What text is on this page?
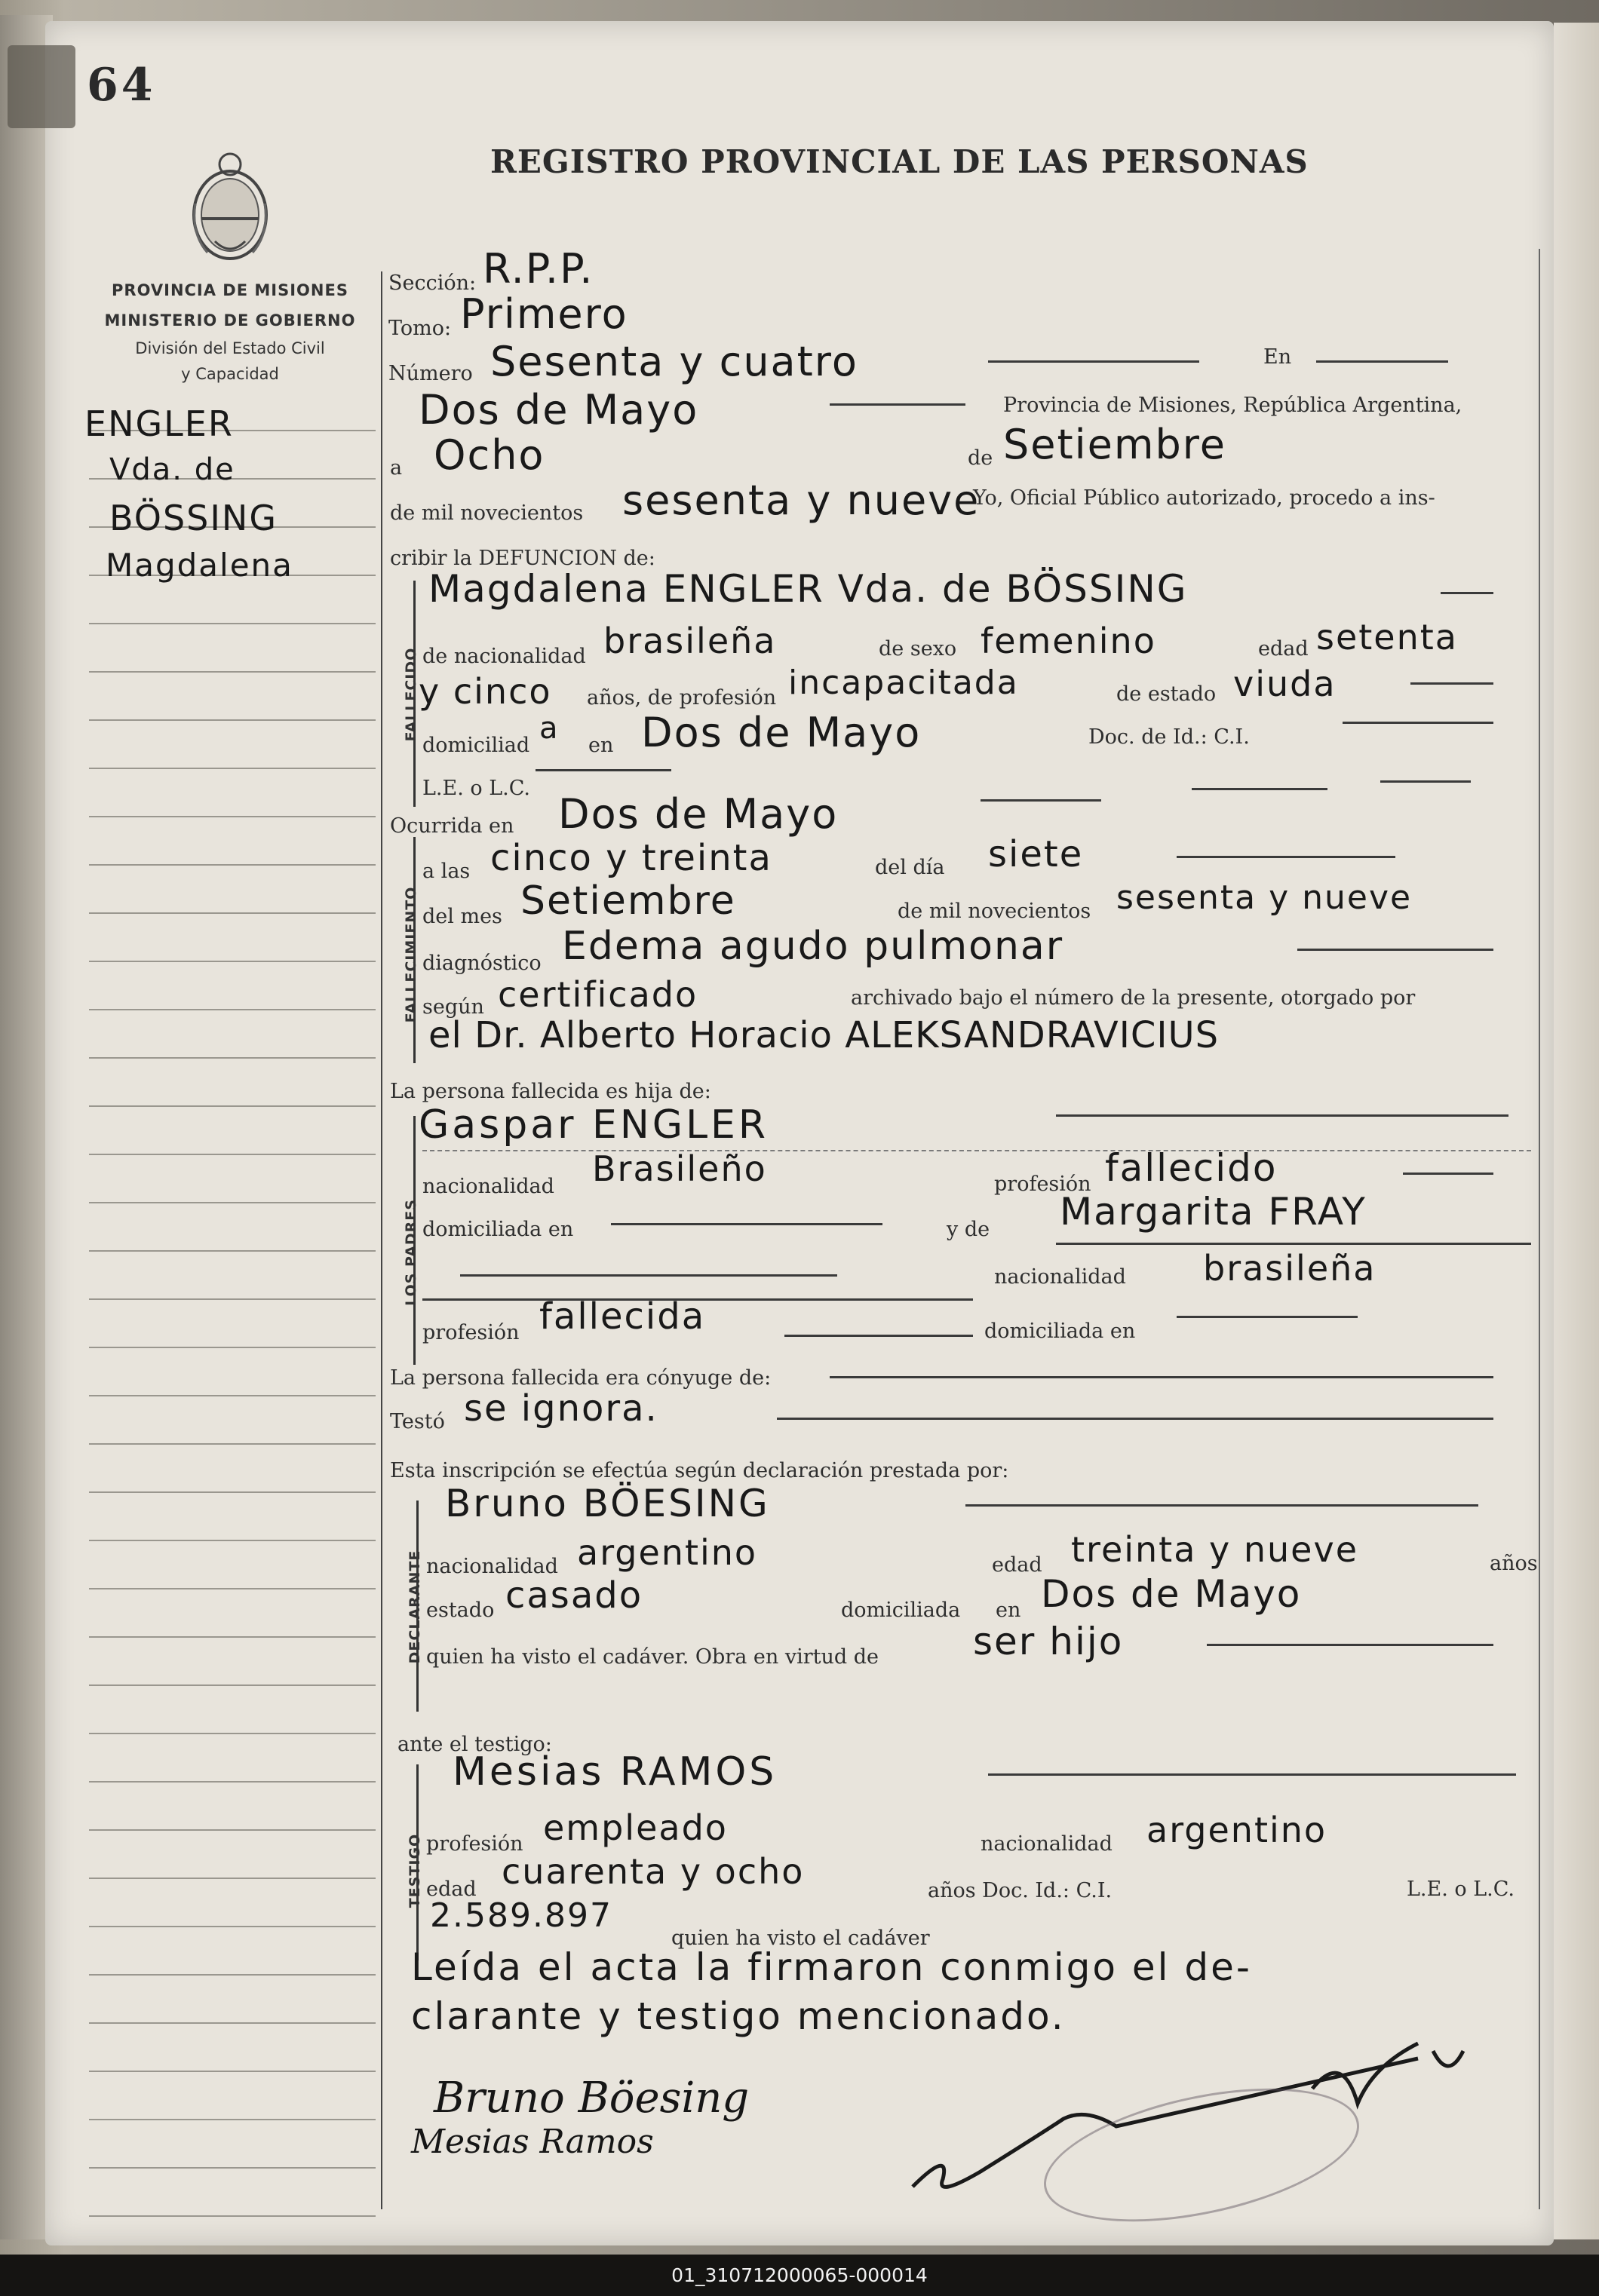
64
PROVINCIA DE MISIONES
MINISTERIO DE GOBIERNO
División del Estado Civil
y Capacidad
REGISTRO PROVINCIAL DE LAS PERSONAS
ENGLER
Vda. de
BÖSSING
Magdalena
Sección: R.P.P.
Tomo: Primero
Número Sesenta y cuatro	En
Dos de Mayo	Provincia de Misiones, República Argentina,
a Ocho	de Setiembre
de mil novecientos sesenta y nueve
Yo, Oficial Público autorizado, procedo a ins-
cribir la DEFUNCION de:
FALLECIDO
Magdalena ENGLER Vda. de BÖSSING
de nacionalidad brasileña	de sexo femenino	edad setenta
y cinco años, de profesión incapacitada	de estado viuda
domiciliad a en Dos de Mayo	Doc. de Id.: C.I.
L.E. o L.C.
Ocurrida en Dos de Mayo
FALLECIMIENTO
a las cinco y treinta	del día siete
del mes Setiembre	de mil novecientos sesenta y nueve
diagnóstico Edema agudo pulmonar
según certificado	archivado bajo el número de la presente, otorgado por
el Dr. Alberto Horacio ALEKSANDRAVICIUS
La persona fallecida es hija de:
LOS PADRES
Gaspar ENGLER
nacionalidad Brasileño	profesión fallecido
domiciliada en	y de Margarita FRAY
nacionalidad brasileña
profesión fallecida	domiciliada en
La persona fallecida era cónyuge de:
Testó se ignora.
Esta inscripción se efectúa según declaración prestada por:
DECLARANTE
Bruno BÖESING
nacionalidad argentino	edad treinta y nueve	años
estado casado	domiciliada en Dos de Mayo
quien ha visto el cadáver. Obra en virtud de ser hijo
ante el testigo:
TESTIGO
Mesias RAMOS
profesión empleado	nacionalidad argentino
edad cuarenta y ocho	años Doc. Id.: C.I.	L.E. o L.C.
2.589.897
quien ha visto el cadáver
Leída el acta la firmaron conmigo el de-
clarante y testigo mencionado.
Bruno Böesing
Mesias Ramos
01_310712000065-000014
